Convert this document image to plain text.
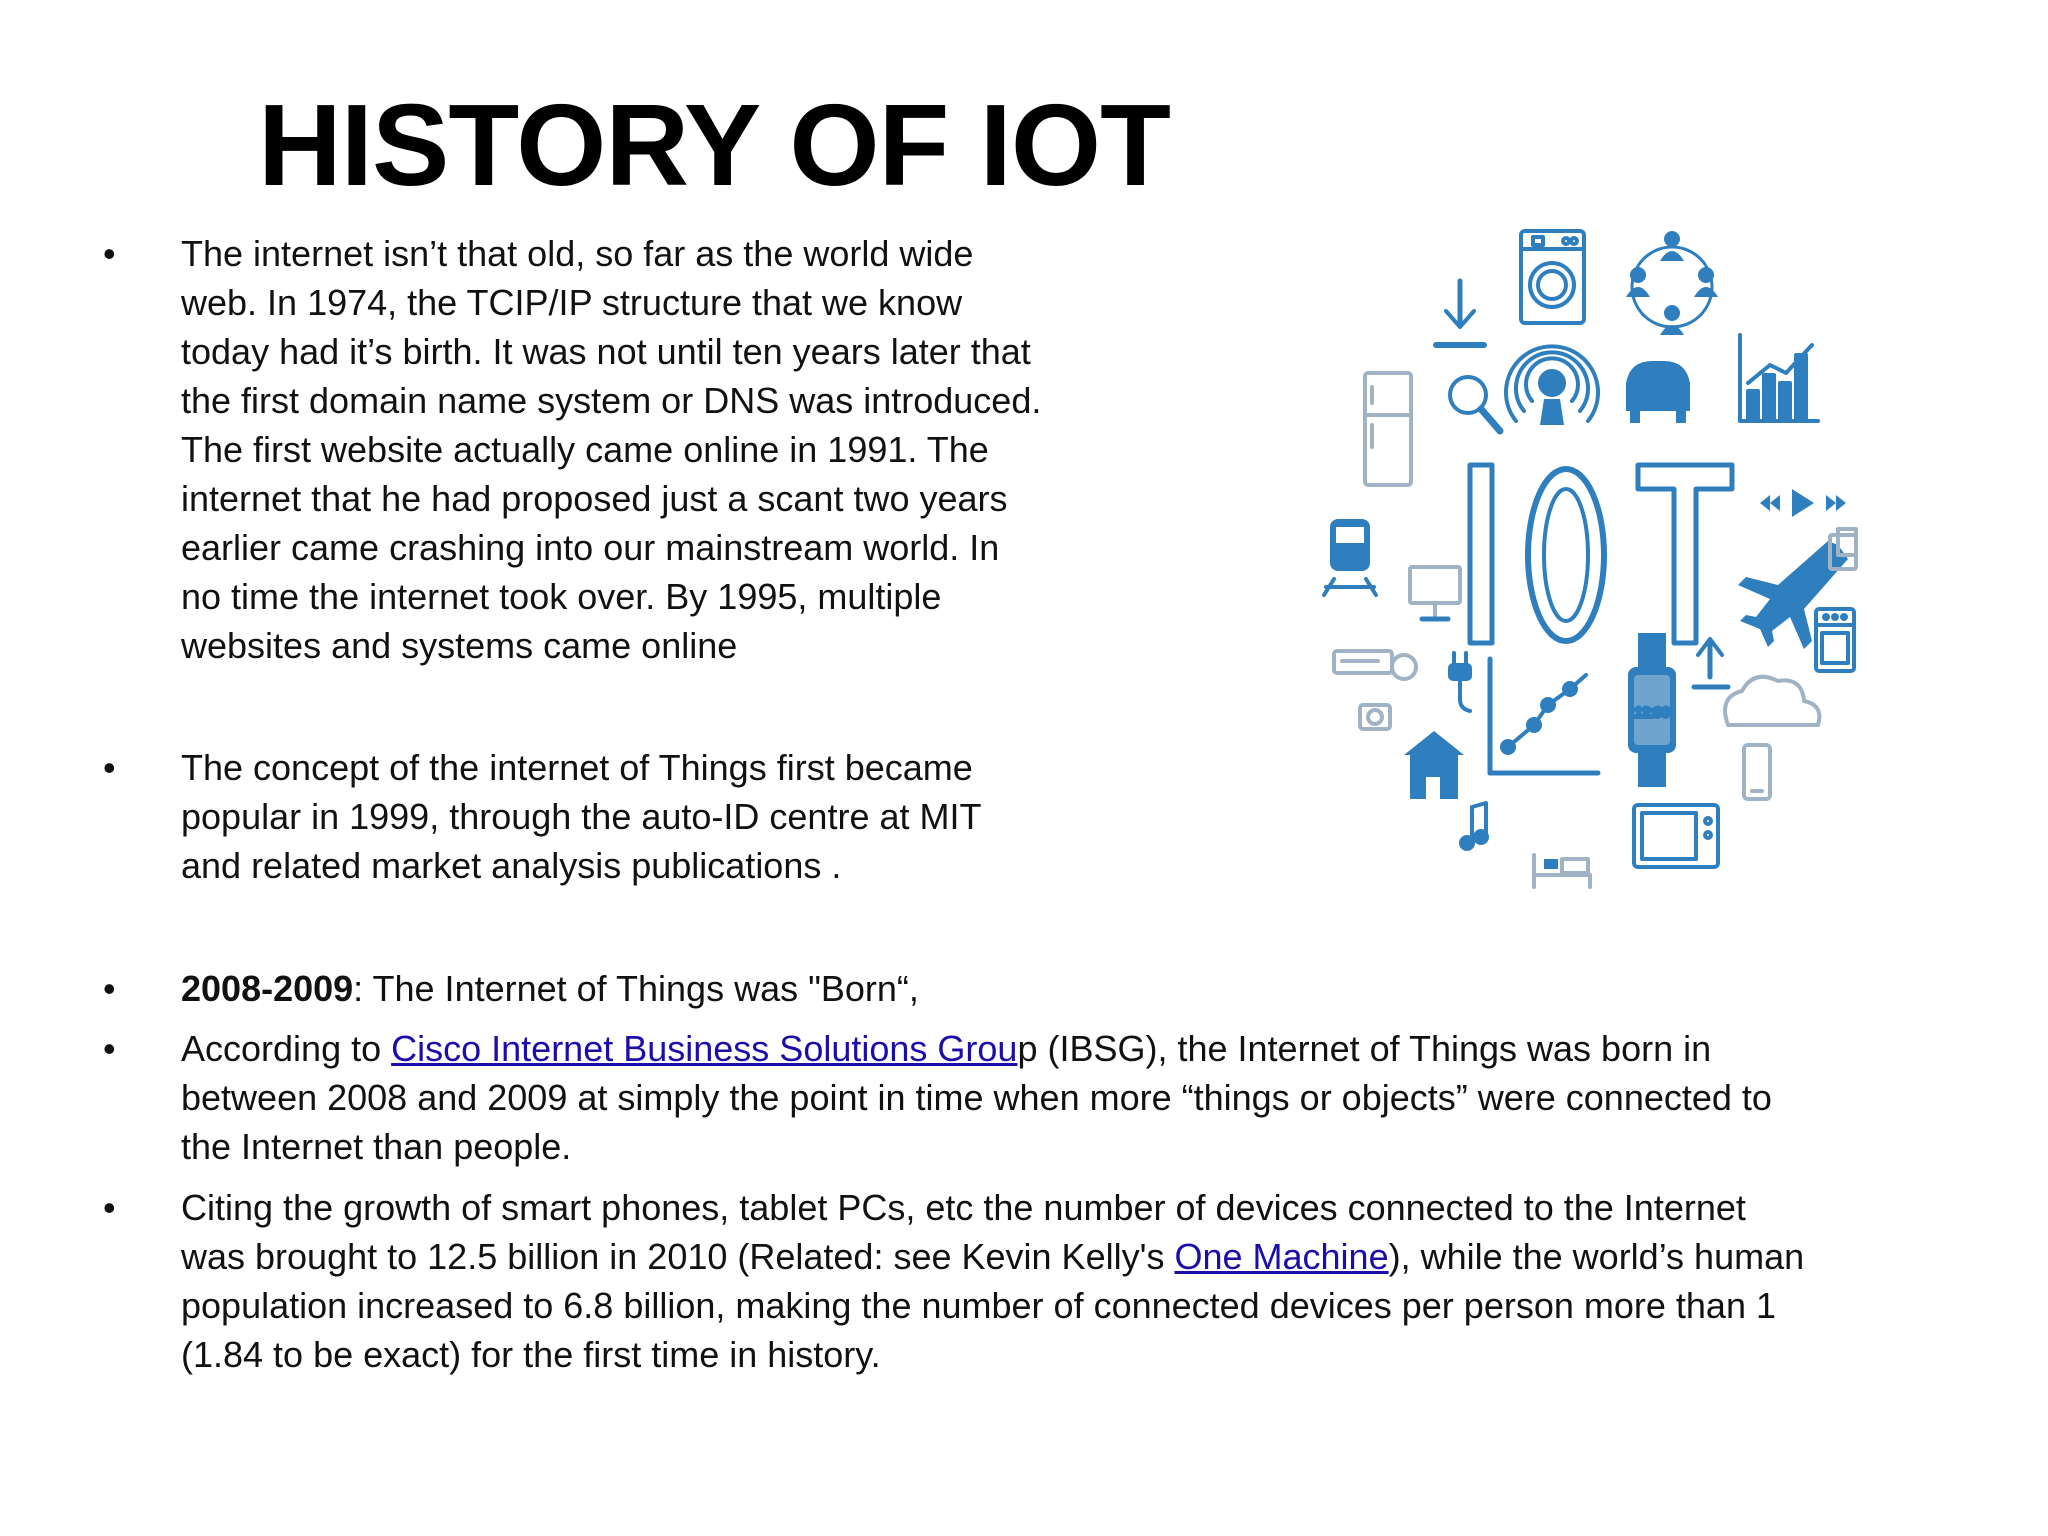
HISTORY OF IOT
• The internet isn’t that old, so far as the world wide
web. In 1974, the TCIP/IP structure that we know
today had it’s birth. It was not until ten years later that
the first domain name system or DNS was introduced.
The first website actually came online in 1991. The
internet that he had proposed just a scant two years
earlier came crashing into our mainstream world. In
no time the internet took over. By 1995, multiple
websites and systems came online

• The concept of the internet of Things first became
popular in 1999, through the auto-ID centre at MIT
and related market analysis publications .

• 2008-2009: The Internet of Things was "Born“,

• According to Cisco Internet Business Solutions Group (IBSG), the Internet of Things was born in
between 2008 and 2009 at simply the point in time when more “things or objects” were connected to
the Internet than people.

• Citing the growth of smart phones, tablet PCs, etc the number of devices connected to the Internet
was brought to 12.5 billion in 2010 (Related: see Kevin Kelly's One Machine), while the world’s human
population increased to 6.8 billion, making the number of connected devices per person more than 1
(1.84 to be exact) for the first time in history.

12:00
